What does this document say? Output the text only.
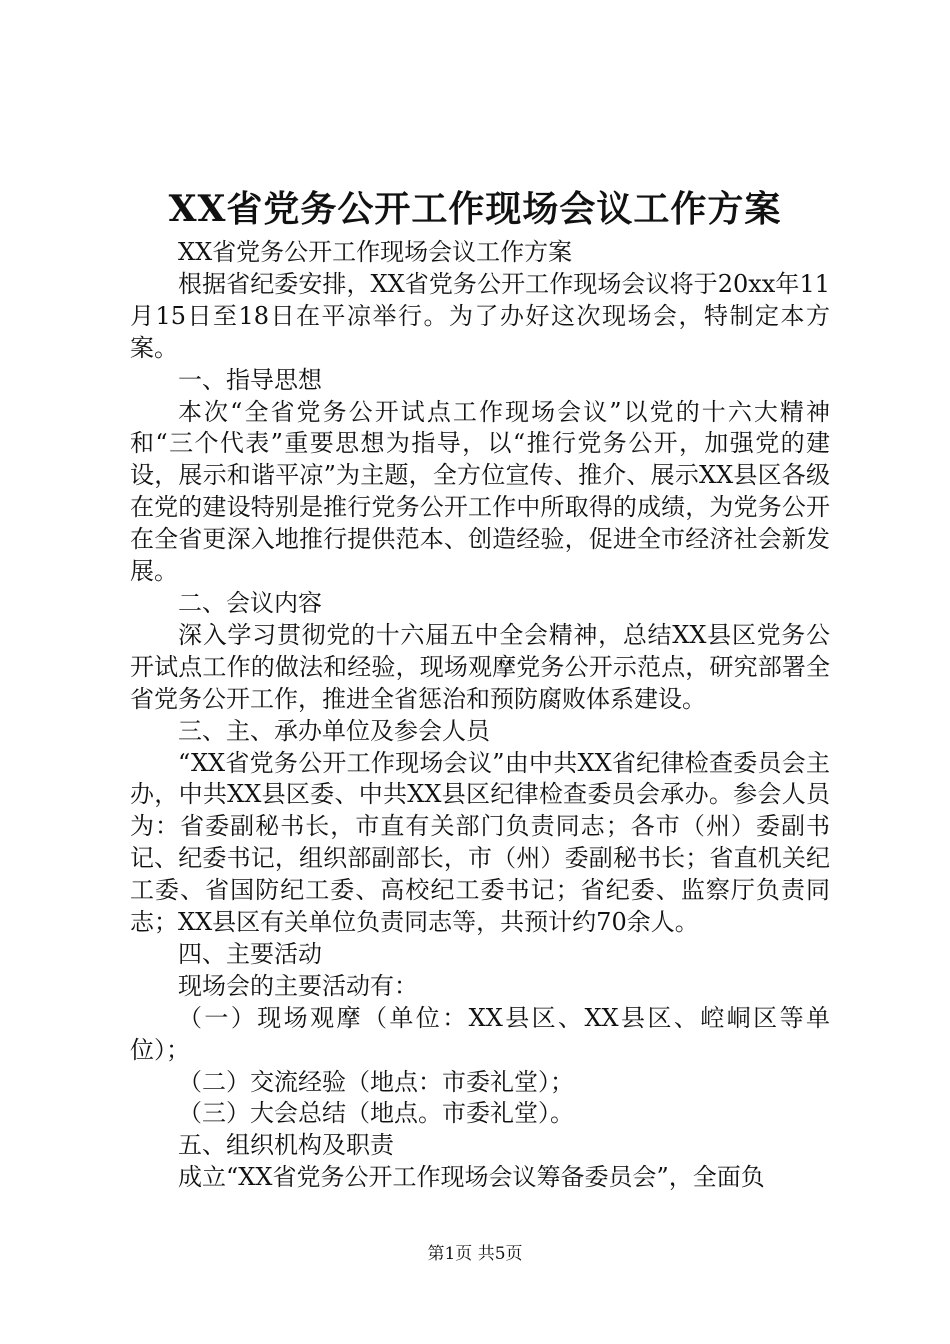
XX省党务公开工作现场会议工作方案

XX省党务公开工作现场会议工作方案

根据省纪委安排，XX省党务公开工作现场会议将于20xx年11月15日至18日在平凉举行。为了办好这次现场会，特制定本方案。

一、指导思想

本次“全省党务公开试点工作现场会议”以党的十六大精神和“三个代表”重要思想为指导，以“推行党务公开，加强党的建设，展示和谐平凉”为主题，全方位宣传、推介、展示XX县区各级在党的建设特别是推行党务公开工作中所取得的成绩，为党务公开在全省更深入地推行提供范本、创造经验，促进全市经济社会新发展。

二、会议内容

深入学习贯彻党的十六届五中全会精神，总结XX县区党务公开试点工作的做法和经验，现场观摩党务公开示范点，研究部署全省党务公开工作，推进全省惩治和预防腐败体系建设。

三、主、承办单位及参会人员

“XX省党务公开工作现场会议”由中共XX省纪律检查委员会主办，中共XX县区委、中共XX县区纪律检查委员会承办。参会人员为：省委副秘书长，市直有关部门负责同志；各市（州）委副书记、纪委书记，组织部副部长，市（州）委副秘书长；省直机关纪工委、省国防纪工委、高校纪工委书记；省纪委、监察厅负责同志；XX县区有关单位负责同志等，共预计约70余人。

四、主要活动

现场会的主要活动有：

（一）现场观摩（单位：XX县区、XX县区、崆峒区等单位）；

（二）交流经验（地点：市委礼堂）；

（三）大会总结（地点。市委礼堂）。

五、组织机构及职责

成立“XX省党务公开工作现场会议筹备委员会”，全面负

第1页 共5页
